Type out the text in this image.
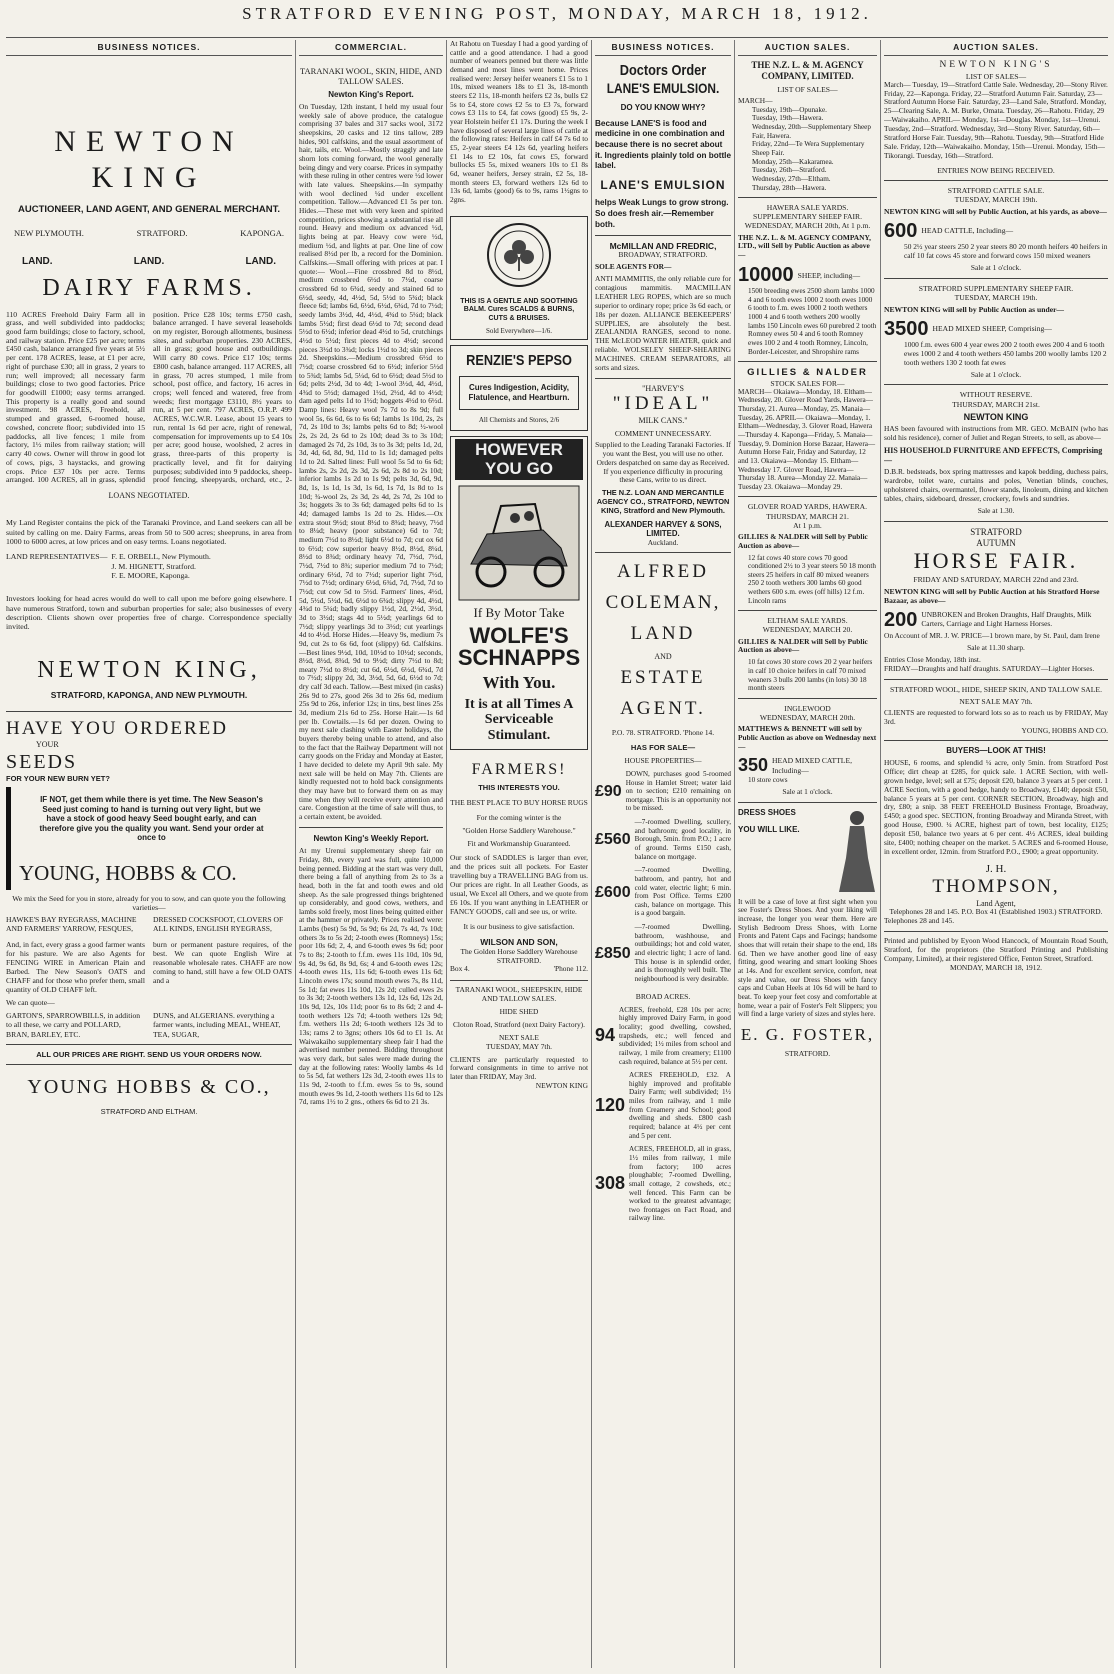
STRATFORD EVENING POST, MONDAY, MARCH 18, 1912.
BUSINESS NOTICES.
NEWTON KING
AUCTIONEER, LAND AGENT, AND GENERAL MERCHANT.
NEW PLYMOUTH.	STRATFORD.	KAPONGA.
LAND.	LAND.	LAND.
DAIRY FARMS.
110 ACRES Freehold Dairy Farm all in grass, and well subdivided into paddocks; good farm buildings; close to factory, school, and railway station. Price £25 per acre; terms £450 cash, balance arranged five years at 5½ per cent. 178 ACRES, lease, at £1 per acre, right of purchase £30; all in grass, 2 years to run; well improved; all necessary farm buildings; close to two good factories. Price for goodwill £1000; easy terms arranged. This property is a really good and sound investment. 98 ACRES, Freehold, all stumped and grassed, 6-roomed house, cowshed, concrete floor; subdivided into 15 paddocks, all live fences; 1 mile from factory, 1½ miles from railway station; will carry 40 cows. Owner will throw in good lot of cows, pigs, 3 haystacks, and growing crops. Price £37 10s per acre. Terms arranged. 100 ACRES, all in grass, splendid position. Price £28 10s; terms £750 cash, balance arranged. I have several leaseholds on my register, Borough allotments, business sites, and suburban properties. 230 ACRES, all in grass; good house and outbuildings. Will carry 80 cows. Price £17 10s; terms £800 cash, balance arranged. 117 ACRES, all in grass, 70 acres stumped, 1 mile from school, post office, and factory, 16 acres in crops; well fenced and watered, free from weeds; first mortgage £3110, 8½ years to run, at 5 per cent. 797 ACRES, O.R.P. 499 ACRES, W.C.W.R. Lease, about 15 years to run, rental 1s 6d per acre, right of renewal, compensation for improvements up to £4 10s per acre; good house, woolshed, 2 acres in grass, three-parts of this property is practically level, and fit for dairying purposes; subdivided into 9 paddocks, sheep-proof fencing, sheepyards, orchard, etc., 2-
LOANS NEGOTIATED.
My Land Register contains the pick of the Taranaki Province, and Land seekers can all be suited by calling on me. Dairy Farms, areas from 50 to 500 acres; sheepruns, in area from 1000 to 6000 acres, at low prices and on easy terms. Loans negotiated.
LAND REPRESENTATIVES— F. E. ORBELL, New Plymouth.
J. M. HIGNETT, Stratford.
F. E. MOORE, Kaponga.
Investors looking for head acres would do well to call upon me before going elsewhere. I have numerous Stratford, town and suburban properties for sale; also businesses of every description. Clients shown over properties free of charge. Correspondence specially invited.
NEWTON KING,
STRATFORD, KAPONGA, AND NEW PLYMOUTH.
HAVE YOU ORDERED
YOUR
SEEDS
FOR YOUR NEW BURN YET?
IF NOT, get them while there is yet time. The New Season's Seed just coming to hand is turning out very light, but we have a stock of good heavy Seed bought early, and can therefore give you the quality you want. Send your order at once to
YOUNG, HOBBS & CO.
We mix the Seed for you in store, already for you to sow, and can quote you the following varieties—
HAWKE'S BAY RYEGRASS, MACHINE AND FARMERS' YARROW, FESQUES,
DRESSED COCKSFOOT, CLOVERS OF ALL KINDS, ENGLISH RYEGRASS,
And, in fact, every grass a good farmer wants for his pasture. We are also Agents for FENCING WIRE in American Plain and Barbed. The New Season's OATS and CHAFF and for those who prefer them, small quantity of OLD CHAFF left.
burn or permanent pasture requires, of the best. We can quote English Wire at reasonable wholesale rates. CHAFF are now coming to hand, still have a few OLD OATS and a
We can quote—
GARTON'S, SPARROWBILLS, in addition to all these, we carry and POLLARD, BRAN, BARLEY, ETC.
DUNS, and ALGERIANS. everything a farmer wants, including MEAL, WHEAT, TEA, SUGAR,
ALL OUR PRICES ARE RIGHT. SEND US YOUR ORDERS NOW.
YOUNG HOBBS & CO.,
STRATFORD AND ELTHAM.
COMMERCIAL.
TARANAKI WOOL, SKIN, HIDE, AND TALLOW SALES.
Newton King's Report.
On Tuesday, 12th instant, I held my usual four weekly sale of above produce, the catalogue comprising 37 bales and 317 sacks wool, 3172 sheepskins, 20 casks and 12 tins tallow, 289 hides, 901 calfskins, and the usual assortment of hair, tails, etc. Wool.—Mostly straggly and late shorn lots coming forward, the wool generally being dingy and very coarse. Prices in sympathy with these ruling in other centres were ½d lower with late values. Sheepskins.—In sympathy with wool declined ¼d under excellent competition. Tallow.—Advanced £1 5s per ton. Hides.—These met with very keen and spirited competition, prices showing a substantial rise all round. Heavy and medium ox advanced ½d, lights being at par. Heavy cow were ½d, medium ½d, and lights at par. One line of cow realised 8½d per lb, a record for the Dominion. Calfskins.—Small offering with prices at par. I quote:— Wool.—Fine crossbred 8d to 8½d, medium crossbred 6½d to 7½d, coarse crossbred 6d to 6¾d, seedy and stained 6d to 6½d, seedy, 4d, 4½d, 5d, 5½d to 5¾d; black fleece 6d; lambs 6d, 6½d, 6½d, 6¾d, 7d to 7½d; seedy lambs 3½d, 4d, 4½d, 4¾d to 5¼d; black lambs 5½d; first dead 6½d to 7d; second dead 5½d to 6½d; inferior dead 4½d to 5d, crutchings 4½d to 5½d; first pieces 4d to 4½d; second pieces 3½d to 3¾d; locks 1½d to 3d; skin pieces 2d. Sheepskins.—Medium crossbred 6½d to 7½d; coarse crossbred 6d to 6½d; inferior 5½d to 5¾d; lambs 5d, 5¼d, 6d to 6½d; dead 5½d to 6d; pelts 2½d, 3d to 4d; 1-wool 3½d, 4d, 4½d, 4¾d to 5½d; damaged 1½d, 2½d, 4d to 4½d; dam aged pelts 1d to 1½d; hoggets 4½d to 6½d. Damp lines: Heavy wool 7s 7d to 8s 9d; full wool 5s, 6s 6d, 6s to 6s 6d; lambs 1s 10d, 2s, 2s 7d, 2s 10d to 3s; lambs pelts 6d to 8d; ½-wool 2s, 2s 2d, 2s 6d to 2s 10d; dead 3s to 3s 10d; damaged 2s 7d, 2s 10d, 3s to 3s 3d; pelts 1d, 2d, 3d, 4d, 6d, 8d, 9d, 11d to 1s 1d; damaged pelts 1d to 2d. Salted lines: Full wool 5s 5d to 6s 6d; lambs 2s, 2s 2d, 2s 3d, 2s 6d, 2s 8d to 2s 10d; inferior lambs 1s 2d to 1s 9d; pelts 3d, 6d, 9d, 8d, 1s, 1s 1d, 1s 3d, 1s 6d, 1s 7d, 1s 8d to 1s 10d; ¾-wool 2s, 2s 3d, 2s 4d, 2s 7d, 2s 10d to 3s; hoggets 3s to 3s 6d; damaged pelts 6d to 1s 4d; damaged lambs 1s 2d to 2s. Hides.—Ox extra stout 9½d; stout 8½d to 8¾d; heavy, 7½d to 8¼d; heavy (poor substance) 6d to 7d; medium 7½d to 8½d; light 6½d to 7d; cut ox 6d to 6½d; cow superior heavy 8½d, 8½d, 8¼d, 8½d to 8¾d; ordinary heavy 7d, 7½d, 7½d, 7½d, 7½d to 8¾; superior medium 7d to 7½d; ordinary 6½d, 7d to 7½d; superior light 7½d, 7½d to 7½d; ordinary 6½d, 6¾d, 7d, 7½d, 7d to 7½d; cut cow 5d to 5½d. Farmers' lines, 4½d, 5d, 5½d, 5½d, 6d, 6½d to 6¾d; slippy 4d, 4½d, 4¾d to 5¼d; badly slippy 1½d, 2d, 2½d, 3½d, 3d to 3½d; stags 4d to 5½d; yearlings 6d to 7½d; slippy yearlings 3d to 3½d; cut yearlings 4d to 4½d. Horse Hides.—Heavy 9s, medium 7s 9d, cut 2s to 6s 6d, foot (slippy) 6d. Calfskins.—Best lines 9½d, 10d, 10½d to 10½d; seconds, 8½d, 8½d, 8¾d, 9d to 9½d; dirty 7½d to 8d; meaty 7½d to 8½d; cut 6d, 6½d, 6½d, 6¾d, 7d to 7½d; slippy 2d, 3d, 3½d, 5d, 6d, 6½d to 7d; dry calf 3d each. Tallow.—Best mixed (in casks) 26s 9d to 27s, good 26s 3d to 26s 6d, medium 25s 9d to 26s, inferior 12s; in tins, best lines 25s 3d, medium 21s 6d to 25s. Horse Hair.—1s 6d per lb. Cowtails.—1s 6d per dozen. Owing to my next sale clashing with Easter holidays, the buyers thereby being unable to attend, and also to the fact that the Railway Department will not carry goods on the Friday and Monday at Easter, I have decided to delete my April 9th sale. My next sale will be held on May 7th. Clients are kindly requested not to hold back consignments they may have but to forward them on as may time when they will receive every attention and care. Congestion at the time of sale will thus, to a certain extent, be avoided.
Newton King's Weekly Report.
At my Urenui supplementary sheep fair on Friday, 8th, every yard was full, quite 10,000 being penned. Bidding at the start was very dull, there being a fall of anything from 2s to 3s a head, both in the fat and tooth ewes and old sheep. As the sale progressed things brightened up considerably, and good cows, wethers, and lambs sold freely, most lines being quitted either at the hammer or privately. Prices realised were: Lambs (best) 5s 9d, 5s 9d; 6s 2d, 7s 4d, 7s 10d; others 3s to 5s 2d; 2-tooth ewes (Romneys) 15s; poor 10s 6d; 2, 4, and 6-tooth ewes 9s 6d; poor 7s to 8s; 2-tooth to f.f.m. ewes 11s 10d, 10s 9d, 9s 4d, 9s 6d, 8s 9d, 6s; 4 and 6-tooth ewes 12s; 4-tooth ewes 11s, 11s 6d; 6-tooth ewes 11s 6d; Lincoln ewes 17s; sound mouth ewes 7s, 8s 11d, 5s 1d; fat ewes 11s 10d, 12s 2d; culled ewes 2s to 3s 3d; 2-tooth wethers 13s 1d, 12s 6d, 12s 2d, 10s 9d, 12s, 10s 11d; poor 6s to 8s 6d; 2 and 4-tooth wethers 12s 7d; 4-tooth wethers 12s 9d; f.m. wethers 11s 2d; 6-tooth wethers 12s 3d to 13s; rams 2 to 3gns; others 10s 6d to £1 1s. At Waiwakaiho supplementary sheep fair I had the advertised number penned. Bidding throughout was very dark, but sales were made during the day at the following rates: Woolly lambs 4s 1d to 5s 5d, fat wethers 12s 3d, 2-tooth ewes 11s to 11s 9d, 2-tooth to f.f.m. ewes 5s to 9s, sound mouth ewes 9s 1d, 2-tooth wethers 11s 6d to 12s 7d, rams 1½ to 2 gns., others 6s 6d to 21 3s.
At Rahotu on Tuesday I had a good yarding of cattle and a good attendance. I had a good number of weaners penned but there was little demand and most lines went home. Prices realised were: Jersey heifer weaners £1 5s to 1 10s, mixed weaners 18s to £1 3s, 18-month steers £2 11s, 18-month heifers £2 3s, bulls £2 5s to £4, store cows £2 5s to £3 7s, forward cows £3 11s to £4, fat cows (good) £5 9s, 2-year Holstein heifer £1 17s. During the week I have disposed of several large lines of cattle at the following rates: Heifers in calf £4 7s 6d to £5, 2-year steers £4 12s 6d, yearling heifers £1 14s to £2 10s, fat cows £5, forward bullocks £5 5s, mixed weaners 10s to £1 8s 6d, weaner heifers, Jersey strain, £2 5s, 18-month steers £3, forward wethers 12s 6d to 13s 6d, lambs (good) 6s to 9s, rams 1½gns to 2gns.
THIS IS A GENTLE AND SOOTHING BALM. Cures SCALDS & BURNS, CUTS & BRUISES.
Sold Everywhere—1/6.
RENZIE'S PEPSO
Cures Indigestion, Acidity, Flatulence, and Heartburn.
All Chemists and Stores, 2/6
HOWEVER YOU GO
If By Motor Take
WOLFE'S SCHNAPPS
With You.
It is at all Times A Serviceable Stimulant.
FARMERS!
THIS INTERESTS YOU.
THE BEST PLACE TO BUY HORSE RUGS
For the coming winter is the
"Golden Horse Saddlery Warehouse."
Fit and Workmanship Guaranteed.
Our stock of SADDLES is larger than ever, and the prices suit all pockets. For Easter travelling buy a TRAVELLING BAG from us. Our prices are right. In all Leather Goods, as usual, We Excel all Others, and we quote from £6 10s. If you want anything in LEATHER or FANCY GOODS, call and see us, or write.
It is our business to give satisfaction.
WILSON AND SON,
The Golden Horse Saddlery Warehouse
STRATFORD.
Box 4.	'Phone 112.
TARANAKI WOOL, SHEEPSKIN, HIDE AND TALLOW SALES.
HIDE SHED
Cloton Road, Stratford (next Dairy Factory).
NEXT SALE
TUESDAY, MAY 7th.
CLIENTS are particularly requested to forward consignments in time to arrive not later than FRIDAY, May 3rd.
NEWTON KING
BUSINESS NOTICES.
Doctors Order
LANE'S EMULSION.
DO YOU KNOW WHY?
Because LANE'S is food and medicine in one combination and because there is no secret about it. Ingredients plainly told on bottle label.
LANE'S EMULSION
helps Weak Lungs to grow strong. So does fresh air.—Remember both.
McMILLAN AND FREDRIC,
BROADWAY, STRATFORD.
SOLE AGENTS FOR—
ANTI MAMMITIS, the only reliable cure for contagious mammitis. MACMILLAN LEATHER LEG ROPES, which are so much superior to ordinary rope; price 3s 6d each, or 18s per dozen. ALLIANCE BEEKEEPERS' SUPPLIES, are absolutely the best. ZEALANDIA RANGES, second to none. THE McLEOD WATER HEATER, quick and reliable. WOLSELEY SHEEP-SHEARING MACHINES. CREAM SEPARATORS, all sorts and sizes.
"HARVEY'S
"IDEAL"
MILK CANS."
COMMENT UNNECESSARY.
Supplied to the Leading Taranaki Factories. If you want the Best, you will use no other. Orders despatched on same day as Received. If you experience difficulty in procuring these Cans, write to us direct.
THE N.Z. LOAN AND MERCANTILE AGENCY CO., STRATFORD, NEWTON KING, Stratford and New Plymouth.
ALEXANDER HARVEY & SONS, LIMITED.
Auckland.
ALFRED
COLEMAN,
LAND
AND
ESTATE
AGENT.
P.O. 78. STRATFORD. 'Phone 14.
HAS FOR SALE—
HOUSE PROPERTIES—
£90
DOWN, purchases good 5-roomed House in Hamlet Street; water laid on to section; £210 remaining on mortgage. This is an opportunity not to be missed.
£560
—7-roomed Dwelling, scullery, and bathroom; good locality, in Borough, 5min. from P.O.; 1 acre of ground. Terms £150 cash, balance on mortgage.
£600
—7-roomed Dwelling, bathroom, and pantry, hot and cold water, electric light; 6 min. from Post Office. Terms £200 cash, balance on mortgage. This is a good bargain.
£850
—7-roomed Dwelling, bathroom, washhouse, and outbuildings; hot and cold water, and electric light; 1 acre of land. This house is in splendid order, and is thoroughly well built. The neighbourhood is very desirable.
BROAD ACRES.
94
ACRES, freehold, £28 10s per acre; highly improved Dairy Farm, in good locality; good dwelling, cowshed, trapsheds, etc.; well fenced and subdivided; 1½ miles from school and railway, 1 mile from creamery; £1100 cash required, balance at 5½ per cent.
120
ACRES FREEHOLD, £32. A highly improved and profitable Dairy Farm; well subdivided; 1½ miles from railway, and 1 mile from Creamery and School; good dwelling and sheds. £800 cash required; balance at 4½ per cent and 5 per cent.
308
ACRES, FREEHOLD, all in grass, 1½ miles from railway, 1 mile from factory; 100 acres ploughable; 7-roomed Dwelling, small cottage, 2 cowsheds, etc.; well fenced. This Farm can be worked to the greatest advantage; two frontages on Fact Road, and railway line.
AUCTION SALES.
THE N.Z. L. & M. AGENCY COMPANY, LIMITED.
LIST OF SALES—
MARCH—
Tuesday, 19th—Opunake.
Tuesday, 19th—Hawera.
Wednesday, 20th—Supplementary Sheep Fair, Hawera.
Friday, 22nd—Te Wera Supplementary Sheep Fair.
Monday, 25th—Kakaramea.
Tuesday, 26th—Stratford.
Wednesday, 27th—Eltham.
Thursday, 28th—Hawera.
HAWERA SALE YARDS.
SUPPLEMENTARY SHEEP FAIR.
WEDNESDAY, MARCH 20th, At 1 p.m.
THE N.Z. L. & M. AGENCY COMPANY, LTD., will Sell by Public Auction as above—
10000 SHEEP, including—
1500 breeding ewes 2500 shorn lambs 1000 4 and 6 tooth ewes 1000 2 tooth ewes 1000 6 tooth to f.m. ewes 1000 2 tooth wethers 1000 4 and 6 tooth wethers 200 woolly lambs 150 Lincoln ewes 60 purebred 2 tooth Romney ewes 50 4 and 6 tooth Romney ewes 100 2 and 4 tooth Romney, Lincoln, Border-Leicester, and Shropshire rams
GILLIES & NALDER
STOCK SALES FOR—
MARCH— Okaiawa—Monday, 18. Eltham—Wednesday, 20. Glover Road Yards, Hawera—Thursday, 21. Aurea—Monday, 25. Manaia—Tuesday, 26. APRIL— Okaiawa—Monday, 1. Eltham—Wednesday, 3. Glover Road, Hawera—Thursday 4. Kaponga—Friday, 5. Manaia—Tuesday, 9. Dominion Horse Bazaar, Hawera—Autumn Horse Fair, Friday and Saturday, 12 and 13. Okaiawa—Monday 15. Eltham—Wednesday 17. Glover Road, Hawera—Thursday 18. Aurea—Monday 22. Manaia—Tuesday 23. Okaiawa—Monday 29.
GLOVER ROAD YARDS, HAWERA.
THURSDAY, MARCH 21.
At 1 p.m.
GILLIES & NALDER will Sell by Public Auction as above—
12 fat cows 40 store cows 70 good conditioned 2½ to 3 year steers 50 18 month steers 25 heifers in calf 80 mixed weaners 250 2 tooth wethers 300 lambs 60 good wethers 600 s.m. ewes (off hills) 12 f.m. Lincoln rams
ELTHAM SALE YARDS.
WEDNESDAY, MARCH 20.
GILLIES & NALDER will Sell by Public Auction as above—
10 fat cows 30 store cows 20 2 year heifers in calf 10 choice heifers in calf 70 mixed weaners 3 bulls 200 lambs (in lots) 30 18 month steers
INGLEWOOD
WEDNESDAY, MARCH 20th.
MATTHEWS & BENNETT will sell by Public Auction as above on Wednesday next—
350 HEAD MIXED CATTLE, Including—
10 store cows
Sale at 1 o'clock.
DRESS SHOES
YOU WILL LIKE.
It will be a case of love at first sight when you see Foster's Dress Shoes. And your liking will increase, the longer you wear them. Here are Stylish Bedroom Dress Shoes, with Lorne Fronts and Patent Caps and Facings; handsome shoes that will retain their shape to the end, 18s 6d. Then we have another good line of easy fitting, good wearing and smart looking Shoes at 14s. And for excellent service, comfort, neat style and value, our Dress Shoes with fancy caps and Cuban Heels at 10s 6d will be hard to beat. To keep your feet cosy and comfortable at home, wear a pair of Foster's Felt Slippers; you will find a large variety of sizes and styles here.
E. G. FOSTER,
STRATFORD.
AUCTION SALES.
NEWTON KING'S
LIST OF SALES—
March— Tuesday, 19—Stratford Cattle Sale. Wednesday, 20—Stony River. Friday, 22—Kaponga. Friday, 22—Stratford Autumn Fair. Saturday, 23—Stratford Autumn Horse Fair. Saturday, 23—Land Sale, Stratford. Monday, 25—Clearing Sale, A. M. Burke, Omata. Tuesday, 26—Rahotu. Friday, 29—Waiwakaiho. APRIL— Monday, 1st—Douglas. Monday, 1st—Urenui. Tuesday, 2nd—Stratford. Wednesday, 3rd—Stony River. Saturday, 6th—Stratford Horse Fair. Tuesday, 9th—Rahotu. Tuesday, 9th—Stratford Hide Sale. Friday, 12th—Waiwakaiho. Monday, 15th—Urenui. Monday, 15th—Tikorangi. Tuesday, 16th—Stratford.
ENTRIES NOW BEING RECEIVED.
STRATFORD CATTLE SALE.
TUESDAY, MARCH 19th.
NEWTON KING will sell by Public Auction, at his yards, as above—
600 HEAD CATTLE, Including—
50 2½ year steers 250 2 year steers 80 20 month heifers 40 heifers in calf 10 fat cows 45 store and forward cows 150 mixed weaners
Sale at 1 o'clock.
STRATFORD SUPPLEMENTARY SHEEP FAIR.
TUESDAY, MARCH 19th.
NEWTON KING will sell by Public Auction as under—
3500 HEAD MIXED SHEEP, Comprising—
1000 f.m. ewes 600 4 year ewes 200 2 tooth ewes 200 4 and 6 tooth ewes 1000 2 and 4 tooth wethers 450 lambs 200 woolly lambs 120 2 tooth wethers 130 2 tooth fat ewes
Sale at 1 o'clock.
WITHOUT RESERVE.
THURSDAY, MARCH 21st.
NEWTON KING
HAS been favoured with instructions from MR. GEO. McBAIN (who has sold his residence), corner of Juliet and Regan Streets, to sell, as above—
HIS HOUSEHOLD FURNITURE AND EFFECTS, Comprising—
D.B.R. bedsteads, box spring mattresses and kapok bedding, duchess pairs, wardrobe, toilet ware, curtains and poles, Venetian blinds, couches, upholstered chairs, overmantel, flower stands, linoleum, dining and kitchen tables, chairs, sideboard, dresser, crockery, fowls and sundries.
Sale at 1.30.
STRATFORD
AUTUMN
HORSE FAIR.
FRIDAY AND SATURDAY, MARCH 22nd and 23rd.
NEWTON KING will sell by Public Auction at his Stratford Horse Bazaar, as above—
200 UNBROKEN and Broken Draughts, Half Draughts, Milk Carters, Carriage and Light Harness Horses.
On Account of MR. J. W. PRICE—1 brown mare, by St. Paul, dam Irene
Sale at 11.30 sharp.
Entries Close Monday, 18th inst.
FRIDAY—Draughts and half draughts. SATURDAY—Lighter Horses.
STRATFORD WOOL, HIDE, SHEEP SKIN, AND TALLOW SALE.
NEXT SALE MAY 7th.
CLIENTS are requested to forward lots so as to reach us by FRIDAY, May 3rd.
YOUNG, HOBBS AND CO.
BUYERS—LOOK AT THIS!
HOUSE, 6 rooms, and splendid ¼ acre, only 5min. from Stratford Post Office; dirt cheap at £285, for quick sale. 1 ACRE Section, with well-grown hedge, level; sell at £75; deposit £20, balance 3 years at 5 per cent. 1 ACRE Section, with a good hedge, handy to Broadway, £140; deposit £50, balance 5 years at 5 per cent. CORNER SECTION, Broadway, high and dry, £80; a snip. 38 FEET FREEHOLD Business Frontage, Broadway, £450; a good spec. SECTION, fronting Broadway and Miranda Street, with good House, £900. ¼ ACRE, highest part of town, best locality, £125; deposit £50, balance two years at 6 per cent. 4½ ACRES, ideal building site, £400; nothing cheaper on the market. 5 ACRES and 6-roomed House, in excellent order, 12min. from Stratford P.O., £900; a great opportunity.
J. H.
THOMPSON,
Land Agent,
Telephones 28 and 145. P.O. Box 41 (Established 1903.) STRATFORD.
Telephones 28 and 145.
Printed and published by Eyoon Wood Hancock, of Mountain Road South, Stratford, for the proprietors (the Stratford Printing and Publishing Company, Limited), at their registered Office, Fenton Street, Stratford.
MONDAY, MARCH 18, 1912.
